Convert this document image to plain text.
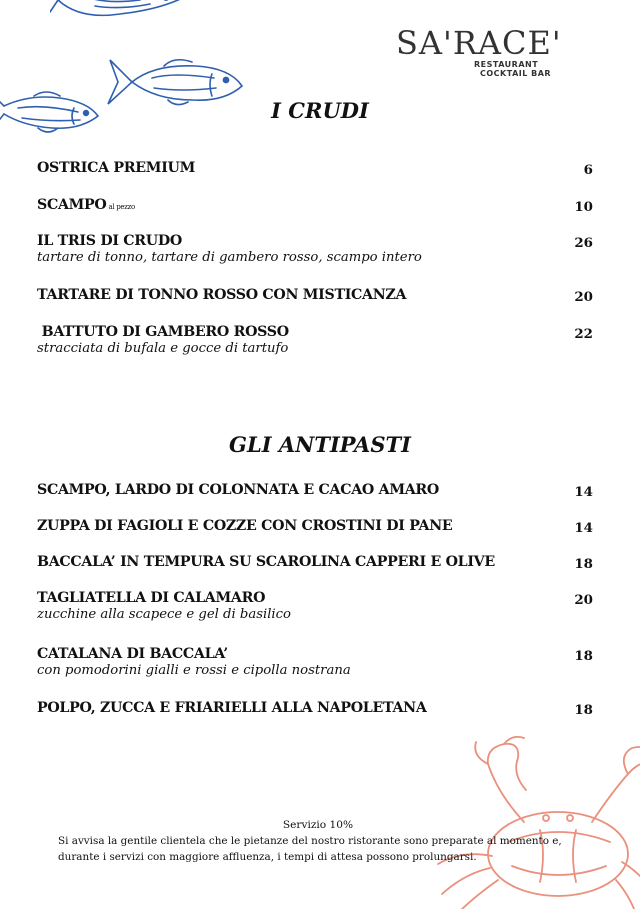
SA'RACE'
RESTAURANT
COCKTAIL BAR
I CRUDI
OSTRICA PREMIUM	6
SCAMPO al pezzo	10
IL TRIS DI CRUDO
tartare di tonno, tartare di gambero rosso, scampo intero
26
TARTARE DI TONNO ROSSO CON MISTICANZA	20
BATTUTO DI GAMBERO ROSSO
stracciata di bufala e gocce di tartufo
22
GLI ANTIPASTI
SCAMPO, LARDO DI COLONNATA E CACAO AMARO	14
ZUPPA DI FAGIOLI E COZZE CON CROSTINI DI PANE	14
BACCALA’ IN TEMPURA SU SCAROLINA CAPPERI E OLIVE	18
TAGLIATELLA DI CALAMARO
zucchine alla scapece e gel di basilico
20
CATALANA DI BACCALA’
con pomodorini gialli e rossi e cipolla nostrana
18
POLPO, ZUCCA E FRIARIELLI ALLA NAPOLETANA	18
Servizio 10%
Si avvisa la gentile clientela che le pietanze del nostro ristorante sono preparate al momento e,
durante i servizi con maggiore affluenza, i tempi di attesa possono prolungarsi.
